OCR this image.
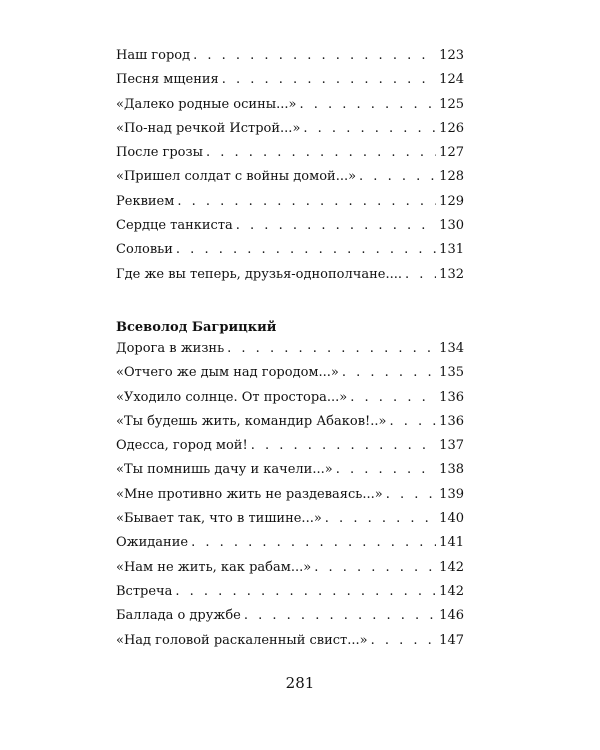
Наш город . . .	123
Песня мщения . . .	124
«Далеко родные осины...» . . .	125
«По-над речкой Истрой...» . . .	126
После грозы . . .	127
«Пришел солдат с войны домой...» . . .	128
Реквием . . .	129
Сердце танкиста . . .	130
Соловьи . . .	131
Где же вы теперь, друзья-однополчане.... . . .	132
Всеволод Багрицкий
Дорога в жизнь . . .	134
«Отчего же дым над городом...» . . .	135
«Уходило солнце. От простора...» . . .	136
«Ты будешь жить, командир Абаков!..» . . .	136
Одесса, город мой! . . .	137
«Ты помнишь дачу и качели...» . . .	138
«Мне противно жить не раздеваясь...» . . .	139
«Бывает так, что в тишине...» . . .	140
Ожидание . . .	141
«Нам не жить, как рабам...» . . .	142
Встреча . . .	142
Баллада о дружбе . . .	146
«Над головой раскаленный свист...» . . .	147
281
